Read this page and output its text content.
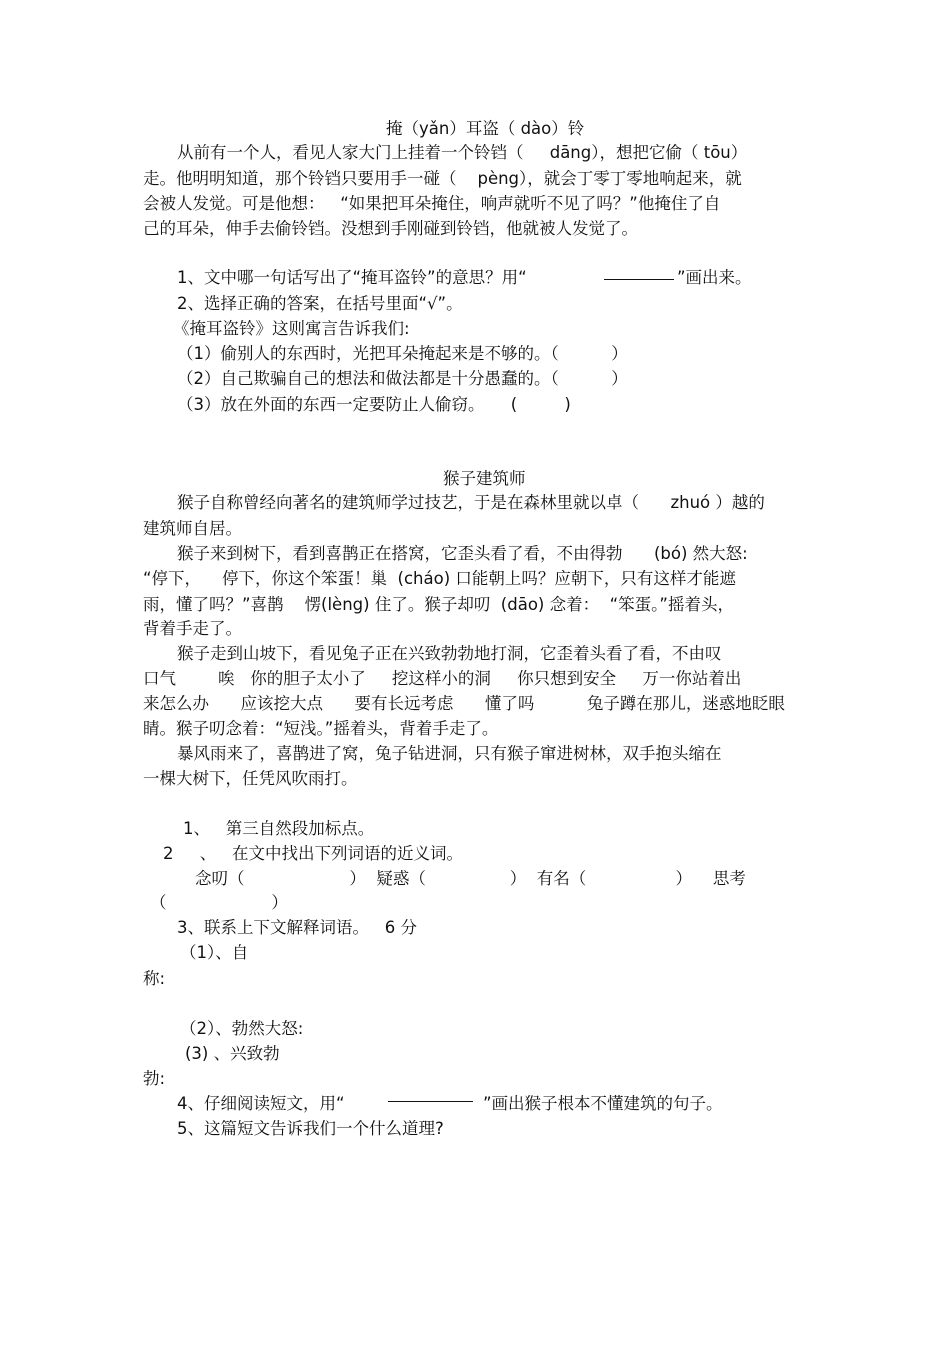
掩（yǎn）耳盗（ dào）铃
从前有一个人，看见人家大门上挂着一个铃铛（     dāng），想把它偷（ tōu）
走。他明明知道，那个铃铛只要用手一碰（    pèng），就会丁零丁零地响起来，就
会被人发觉。可是他想：   “如果把耳朵掩住，响声就听不见了吗？”他掩住了自
己的耳朵，伸手去偷铃铛。没想到手刚碰到铃铛，他就被人发觉了。
1、文中哪一句话写出了“掩耳盗铃”的意思？用“	”画出来。
2、选择正确的答案，在括号里面“√”。
《掩耳盗铃》这则寓言告诉我们:
（1）偷别人的东西时，光把耳朵掩起来是不够的。（          ）
（2）自己欺骗自己的想法和做法都是十分愚蠢的。（          ）
（3）放在外面的东西一定要防止人偷窃。     (         )
猴子建筑师
猴子自称曾经向著名的建筑师学过技艺，于是在森林里就以卓（      zhuó ）越的
建筑师自居。
猴子来到树下，看到喜鹊正在搭窝，它歪头看了看，不由得勃      (bó) 然大怒:
“停下，    停下，你这个笨蛋！巢  (cháo) 口能朝上吗？应朝下，只有这样才能遮
雨，懂了吗？”喜鹊    愣(lèng) 住了。猴子却叨  (dāo) 念着：  “笨蛋。”摇着头，
背着手走了。
猴子走到山坡下，看见兔子正在兴致勃勃地打洞，它歪着头看了看，不由叹
口气        唉   你的胆子太小了     挖这样小的洞     你只想到安全     万一你站着出
来怎么办      应该挖大点      要有长远考虑      懂了吗          兔子蹲在那儿，迷惑地眨眼
睛。猴子叨念着：“短浅。”摇着头，背着手走了。
暴风雨来了，喜鹊进了窝，兔子钻进洞，只有猴子窜进树林，双手抱头缩在
一棵大树下，任凭风吹雨打。
1、   第三自然段加标点。
2     、   在文中找出下列词语的近义词。
念叨（                    ）  疑惑（                ）  有名（                 ）    思考
（                    ）
3、联系上下文解释词语。   6 分
（1）、自
称:
（2）、勃然大怒:
(3) 、兴致勃
勃:
4、仔细阅读短文，用“	”画出猴子根本不懂建筑的句子。
5、这篇短文告诉我们一个什么道理?
